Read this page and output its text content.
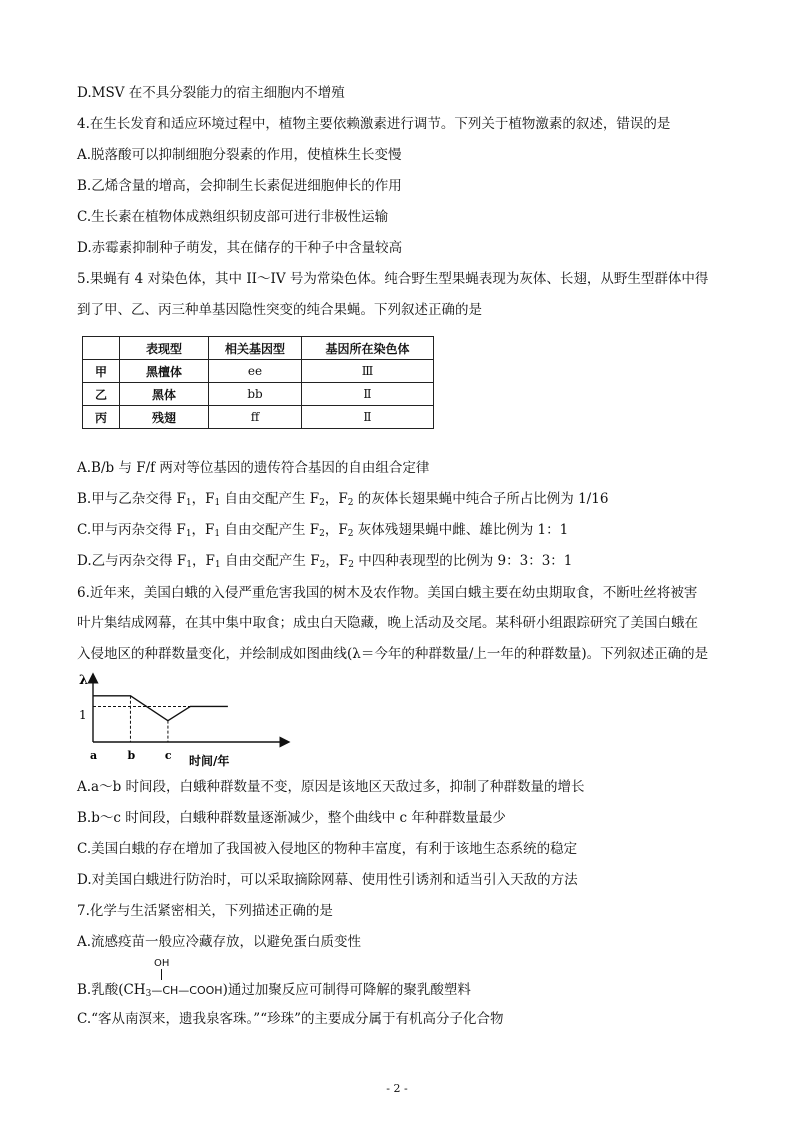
D.MSV 在不具分裂能力的宿主细胞内不增殖
4.在生长发育和适应环境过程中，植物主要依赖激素进行调节。下列关于植物激素的叙述，错误的是
A.脱落酸可以抑制细胞分裂素的作用，使植株生长变慢
B.乙烯含量的增高，会抑制生长素促进细胞伸长的作用
C.生长素在植物体成熟组织韧皮部可进行非极性运输
D.赤霉素抑制种子萌发，其在储存的干种子中含量较高
5.果蝇有 4 对染色体，其中 II～IV 号为常染色体。纯合野生型果蝇表现为灰体、长翅，从野生型群体中得
到了甲、乙、丙三种单基因隐性突变的纯合果蝇。下列叙述正确的是
	表现型	相关基因型	基因所在染色体
甲	黑檀体	ee	Ⅲ
乙	黑体	bb	Ⅱ
丙	残翅	ff	Ⅱ
A.B/b 与 F/f 两对等位基因的遗传符合基因的自由组合定律
B.甲与乙杂交得 $F_1$，$F_1$ 自由交配产生 $F_2$，$F_2$ 的灰体长翅果蝇中纯合子所占比例为 1/16
C.甲与丙杂交得 $F_1$，$F_1$ 自由交配产生 $F_2$，$F_2$ 灰体残翅果蝇中雌、雄比例为 1：1
D.乙与丙杂交得 $F_1$，$F_1$ 自由交配产生 $F_2$，$F_2$ 中四种表现型的比例为 9：3：3：1
6.近年来，美国白蛾的入侵严重危害我国的树木及农作物。美国白蛾主要在幼虫期取食，不断吐丝将被害
叶片集结成网幕，在其中集中取食；成虫白天隐藏，晚上活动及交尾。某科研小组跟踪研究了美国白蛾在
入侵地区的种群数量变化，并绘制成如图曲线(λ＝今年的种群数量/上一年的种群数量)。下列叙述正确的是
λ
1
a	b	c 时间/年
A.a～b 时间段，白蛾种群数量不变，原因是该地区天敌过多，抑制了种群数量的增长
B.b～c 时间段，白蛾种群数量逐渐减少，整个曲线中 c 年种群数量最少
C.美国白蛾的存在增加了我国被入侵地区的物种丰富度，有利于该地生态系统的稳定
D.对美国白蛾进行防治时，可以采取摘除网幕、使用性引诱剂和适当引入天敌的方法
7.化学与生活紧密相关，下列描述正确的是
A.流感疫苗一般应冷藏存放，以避免蛋白质变性
OH
B.乳酸$(CH_3—CH—COOH)$通过加聚反应可制得可降解的聚乳酸塑料
C.“客从南溟来，遗我泉客珠。”“珍珠”的主要成分属于有机高分子化合物
- 2 -
